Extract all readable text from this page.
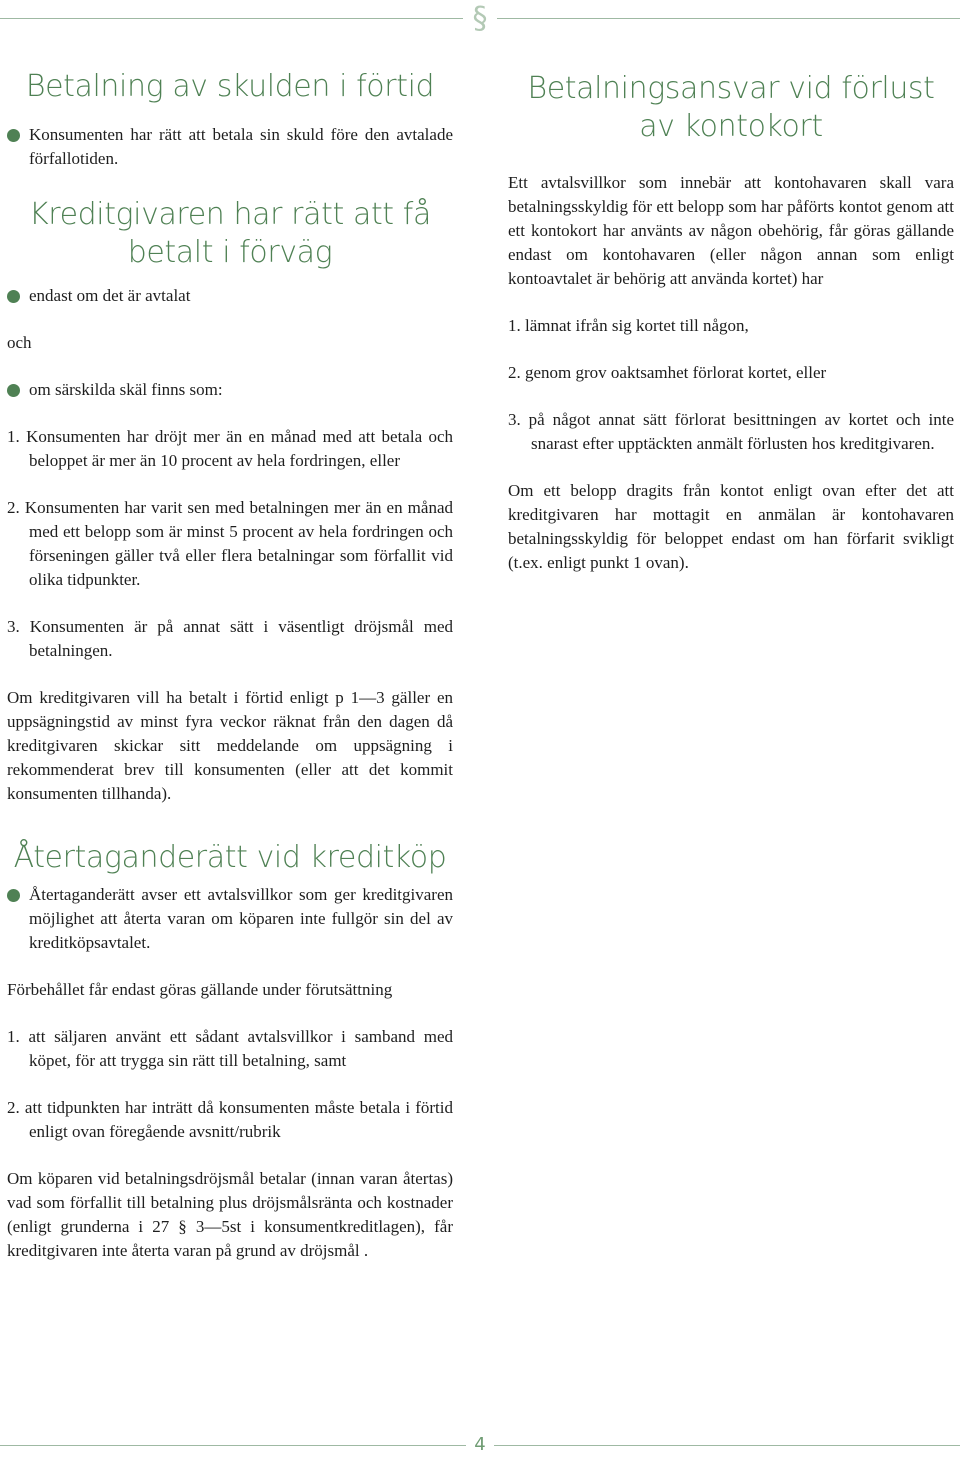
§
Betalning av skulden i förtid

Konsumenten har rätt att betala sin skuld före den avtalade förfallotiden.

Kreditgivaren har rätt att få
betalt i förväg

endast om det är avtalat

och

om särskilda skäl finns som:

1. Konsumenten har dröjt mer än en månad med att betala och beloppet är mer än 10 procent av hela fordringen, eller

2. Konsumenten har varit sen med betalningen mer än en månad med ett belopp som är minst 5 procent av hela fordringen och förseningen gäller två eller flera betalningar som förfallit vid olika tidpunkter.

3. Konsumenten är på annat sätt i väsentligt dröjsmål med betalningen.

Om kreditgivaren vill ha betalt i förtid enligt p 1—3 gäller en uppsägningstid av minst fyra veckor räknat från den dagen då kreditgivaren skickar sitt meddelande om uppsägning i rekommenderat brev till konsumenten (eller att det kommit konsumenten tillhanda).

Återtaganderätt vid kreditköp

Återtaganderätt avser ett avtalsvillkor som ger kreditgivaren möjlighet att återta varan om köparen inte fullgör sin del av kreditköpsavtalet.

Förbehållet får endast göras gällande under förutsättning

1. att säljaren använt ett sådant avtalsvillkor i samband med köpet, för att trygga sin rätt till betalning, samt

2. att tidpunkten har inträtt då konsumenten måste betala i förtid enligt ovan föregående avsnitt/rubrik

Om köparen vid betalningsdröjsmål betalar (innan varan återtas) vad som förfallit till betalning plus dröjsmålsränta och kostnader (enligt grunderna i 27 § 3—5st i konsumentkreditlagen), får kreditgivaren inte återta varan på grund av dröjsmål .

Betalningsansvar vid förlust
av kontokort

Ett avtalsvillkor som innebär att kontohavaren skall vara betalningsskyldig för ett belopp som har påförts kontot genom att ett kontokort har använts av någon obehörig, får göras gällande endast om kontohavaren (eller någon annan som enligt kontoavtalet är behörig att använda kortet) har

1. lämnat ifrån sig kortet till någon,

2. genom grov oaktsamhet förlorat kortet, eller

3. på något annat sätt förlorat besittningen av kortet och inte snarast efter upptäckten anmält förlusten hos kreditgivaren.

Om ett belopp dragits från kontot enligt ovan efter det att kreditgivaren har mottagit en anmälan är kontohavaren betalningsskyldig för beloppet endast om han förfarit svikligt (t.ex. enligt punkt 1 ovan).

4
